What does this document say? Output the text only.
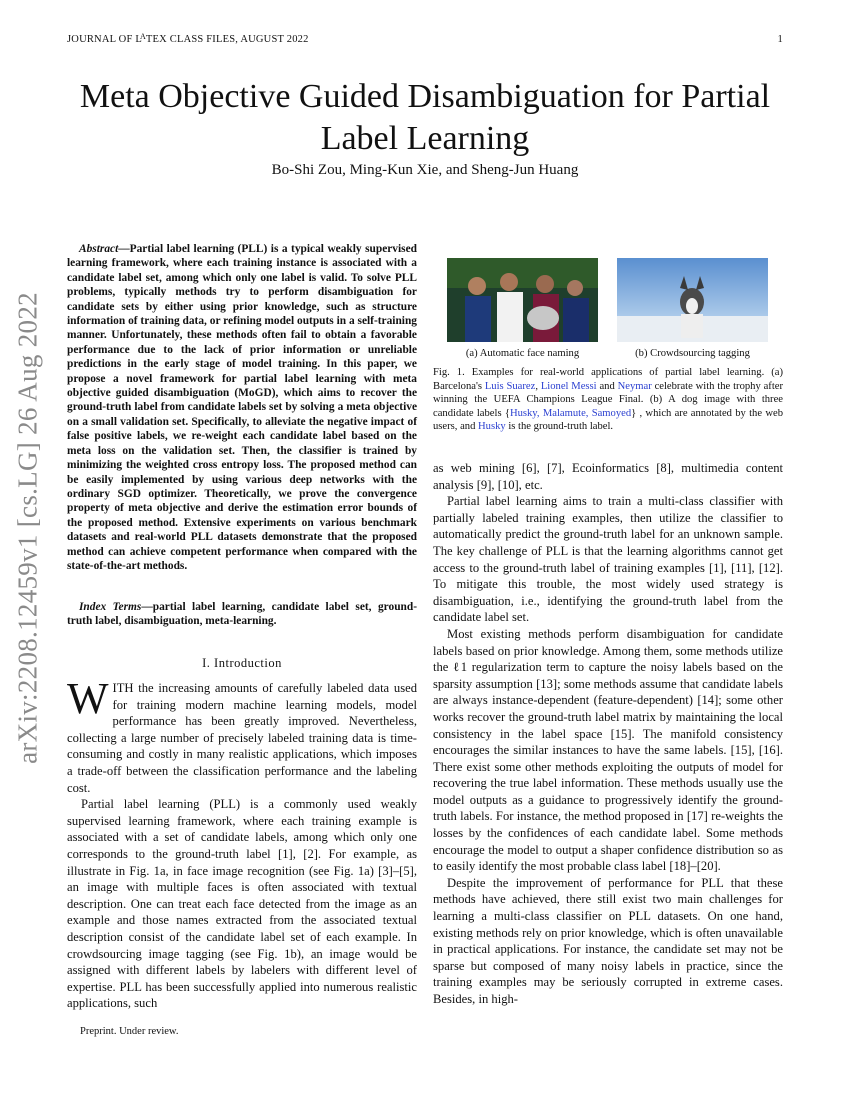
JOURNAL OF $L^ATEX$ CLASS FILES, AUGUST 2022	1
Meta Objective Guided Disambiguation for Partial
Label Learning
Bo-Shi Zou, Ming-Kun Xie, and Sheng-Jun Huang
arXiv:2208.12459v1 [cs.LG] 26 Aug 2022
Abstract—Partial label learning (PLL) is a typical weakly supervised learning framework, where each training instance is associated with a candidate label set, among which only one label is valid. To solve PLL problems, typically methods try to perform disambiguation for candidate sets by either using prior knowledge, such as structure information of training data, or refining model outputs in a self-training manner. Unfortunately, these methods often fail to obtain a favorable performance due to the lack of prior information or unreliable predictions in the early stage of model training. In this paper, we propose a novel framework for partial label learning with meta objective guided disambiguation (MoGD), which aims to recover the ground-truth label from candidate labels set by solving a meta objective on a small validation set. Specifically, to alleviate the negative impact of false positive labels, we re-weight each candidate label based on the meta loss on the validation set. Then, the classifier is trained by minimizing the weighted cross entropy loss. The proposed method can be easily implemented by using various deep networks with the ordinary SGD optimizer. Theoretically, we prove the convergence property of meta objective and derive the estimation error bounds of the proposed method. Extensive experiments on various benchmark datasets and real-world PLL datasets demonstrate that the proposed method can achieve competent performance when compared with the state-of-the-art methods.
Index Terms—partial label learning, candidate label set, ground-truth label, disambiguation, meta-learning.
I. Introduction

WITH the increasing amounts of carefully labeled data used for training modern machine learning models, model performance has been greatly improved. Nevertheless, collecting a large number of precisely labeled training data is time-consuming and costly in many realistic applications, which imposes a trade-off between the classification performance and the labeling cost.

Partial label learning (PLL) is a commonly used weakly supervised learning framework, where each training example is associated with a set of candidate labels, among which only one corresponds to the ground-truth label [1], [2]. For example, as illustrate in Fig. 1a, in face image recognition (see Fig. 1a) [3]–[5], an image with multiple faces is often associated with textual description. One can treat each face detected from the image as an example and those names extracted from the associated textual description consist of the candidate label set of each example. In crowdsourcing image tagging (see Fig. 1b), an image would be assigned with different labels by labelers with different level of expertise. PLL has been successfully applied into numerous realistic applications, such

Preprint. Under review.
(a) Automatic face naming	(b) Crowdsourcing tagging
Fig. 1. Examples for real-world applications of partial label learning. (a) Barcelona's Luis Suarez, Lionel Messi and Neymar celebrate with the trophy after winning the UEFA Champions League Final. (b) A dog image with three candidate labels {Husky, Malamute, Samoyed} , which are annotated by the web users, and Husky is the ground-truth label.

as web mining [6], [7], Ecoinformatics [8], multimedia content analysis [9], [10], etc.

Partial label learning aims to train a multi-class classifier with partially labeled training examples, then utilize the classifier to automatically predict the ground-truth label for an unknown sample. The key challenge of PLL is that the learning algorithms cannot get access to the ground-truth label of training examples [1], [11], [12]. To mitigate this trouble, the most widely used strategy is disambiguation, i.e., identifying the ground-truth label from the candidate label set.

Most existing methods perform disambiguation for candidate labels based on prior knowledge. Among them, some methods utilize the ℓ1 regularization term to capture the noisy labels based on the sparsity assumption [13]; some methods assume that candidate labels are always instance-dependent (feature-dependent) [14]; some other works recover the ground-truth label matrix by maintaining the local consistency in the label space [15]. The manifold consistency encourages the similar instances to have the same labels. [15], [16]. There exist some other methods exploiting the outputs of model for recovering the true label information. These methods usually use the model outputs as a guidance to progressively identify the ground-truth labels. For instance, the method proposed in [17] re-weights the losses by the confidences of each candidate label. Some methods encourage the model to output a shaper confidence distribution so as to easily identify the most probable class label [18]–[20].

Despite the improvement of performance for PLL that these methods have achieved, there still exist two main challenges for learning a multi-class classifier on PLL datasets. On one hand, existing methods rely on prior knowledge, which is often unavailable in practical applications. For instance, the candidate set may not be sparse but composed of many noisy labels in practice, since the training examples may be seriously corrupted in extreme cases. Besides, in high-
